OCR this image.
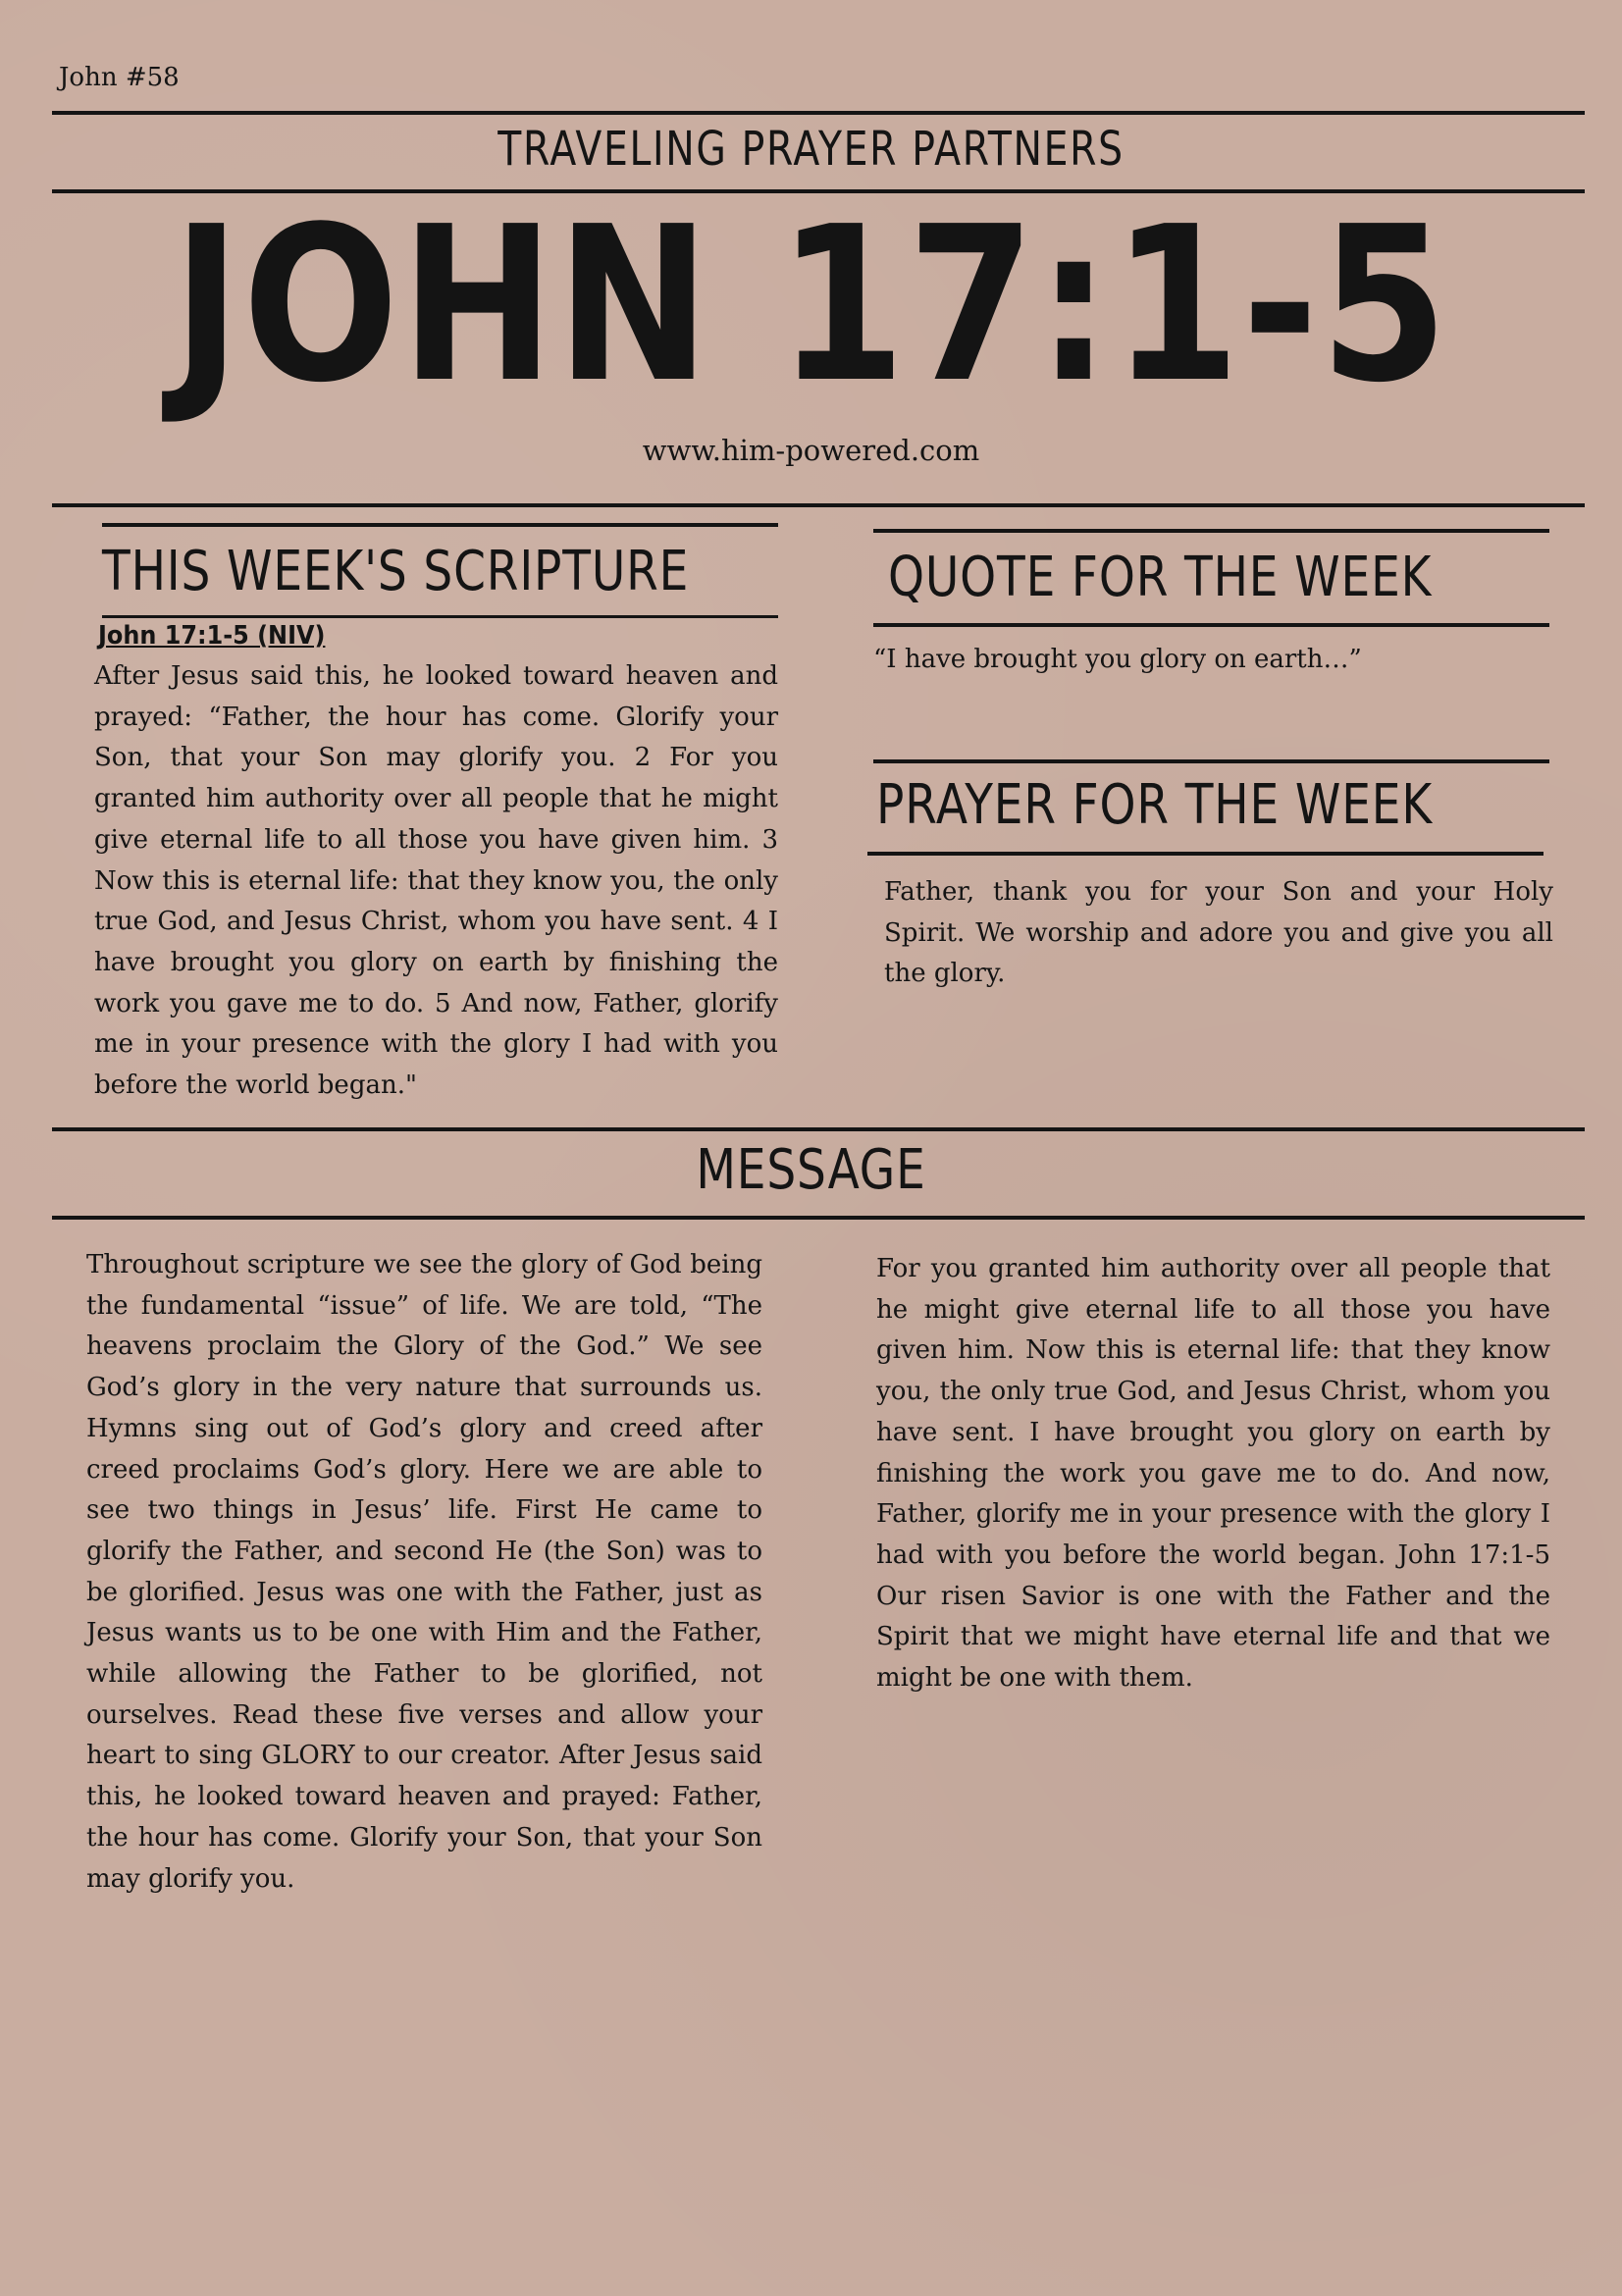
John #58
TRAVELING PRAYER PARTNERS
JOHN 17:1-5
www.him-powered.com
THIS WEEK'S SCRIPTURE
John 17:1-5 (NIV)
After Jesus said this, he looked toward heaven and prayed: “Father, the hour has come. Glorify your Son, that your Son may glorify you. 2 For you granted him authority over all people that he might give eternal life to all those you have given him. 3 Now this is eternal life: that they know you, the only true God, and Jesus Christ, whom you have sent. 4 I have brought you glory on earth by finishing the work you gave me to do. 5 And now, Father, glorify me in your presence with the glory I had with you before the world began."
QUOTE FOR THE WEEK
“I have brought you glory on earth…”
PRAYER FOR THE WEEK
Father, thank you for your Son and your Holy Spirit. We worship and adore you and give you all the glory.
MESSAGE
Throughout scripture we see the glory of God being the fundamental “issue” of life. We are told, “The heavens proclaim the Glory of the God.” We see God’s glory in the very nature that surrounds us. Hymns sing out of God’s glory and creed after creed proclaims God’s glory. Here we are able to see two things in Jesus’ life. First He came to glorify the Father, and second He (the Son) was to be glorified. Jesus was one with the Father, just as Jesus wants us to be one with Him and the Father, while allowing the Father to be glorified, not ourselves. Read these five verses and allow your heart to sing GLORY to our creator. After Jesus said this, he looked toward heaven and prayed: Father, the hour has come. Glorify your Son, that your Son may glorify you.
For you granted him authority over all people that he might give eternal life to all those you have given him. Now this is eternal life: that they know you, the only true God, and Jesus Christ, whom you have sent. I have brought you glory on earth by finishing the work you gave me to do. And now, Father, glorify me in your presence with the glory I had with you before the world began. John 17:1-5 Our risen Savior is one with the Father and the Spirit that we might have eternal life and that we might be one with them.
